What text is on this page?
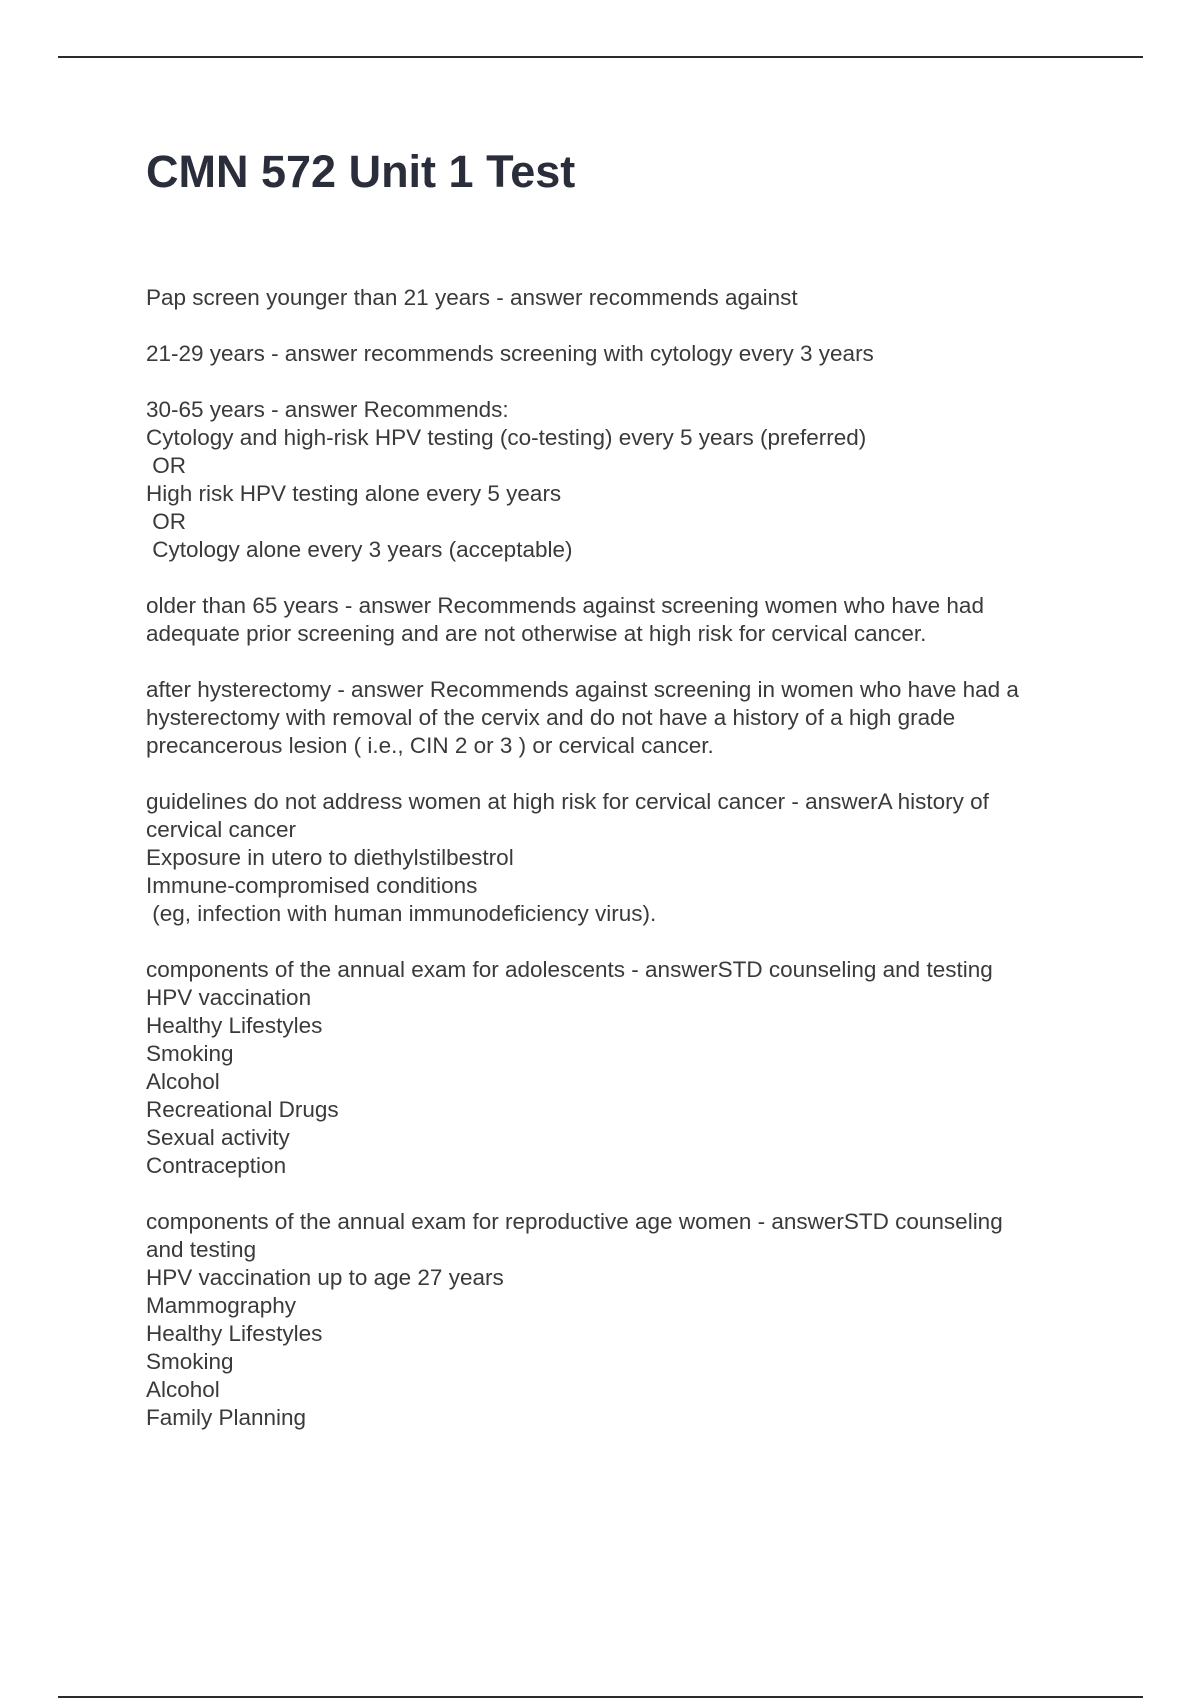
CMN 572 Unit 1 Test

Pap screen younger than 21 years - answer recommends against

21-29 years - answer recommends screening with cytology every 3 years

30-65 years - answer Recommends:
Cytology and high-risk HPV testing (co-testing) every 5 years (preferred)
OR
High risk HPV testing alone every 5 years
OR
Cytology alone every 3 years (acceptable)

older than 65 years - answer Recommends against screening women who have had
adequate prior screening and are not otherwise at high risk for cervical cancer.

after hysterectomy - answer Recommends against screening in women who have had a
hysterectomy with removal of the cervix and do not have a history of a high grade
precancerous lesion ( i.e., CIN 2 or 3 ) or cervical cancer.

guidelines do not address women at high risk for cervical cancer - answerA history of
cervical cancer
Exposure in utero to diethylstilbestrol
Immune-compromised conditions
(eg, infection with human immunodeficiency virus).

components of the annual exam for adolescents - answerSTD counseling and testing
HPV vaccination
Healthy Lifestyles
Smoking
Alcohol
Recreational Drugs
Sexual activity
Contraception

components of the annual exam for reproductive age women - answerSTD counseling
and testing
HPV vaccination up to age 27 years
Mammography
Healthy Lifestyles
Smoking
Alcohol
Family Planning
